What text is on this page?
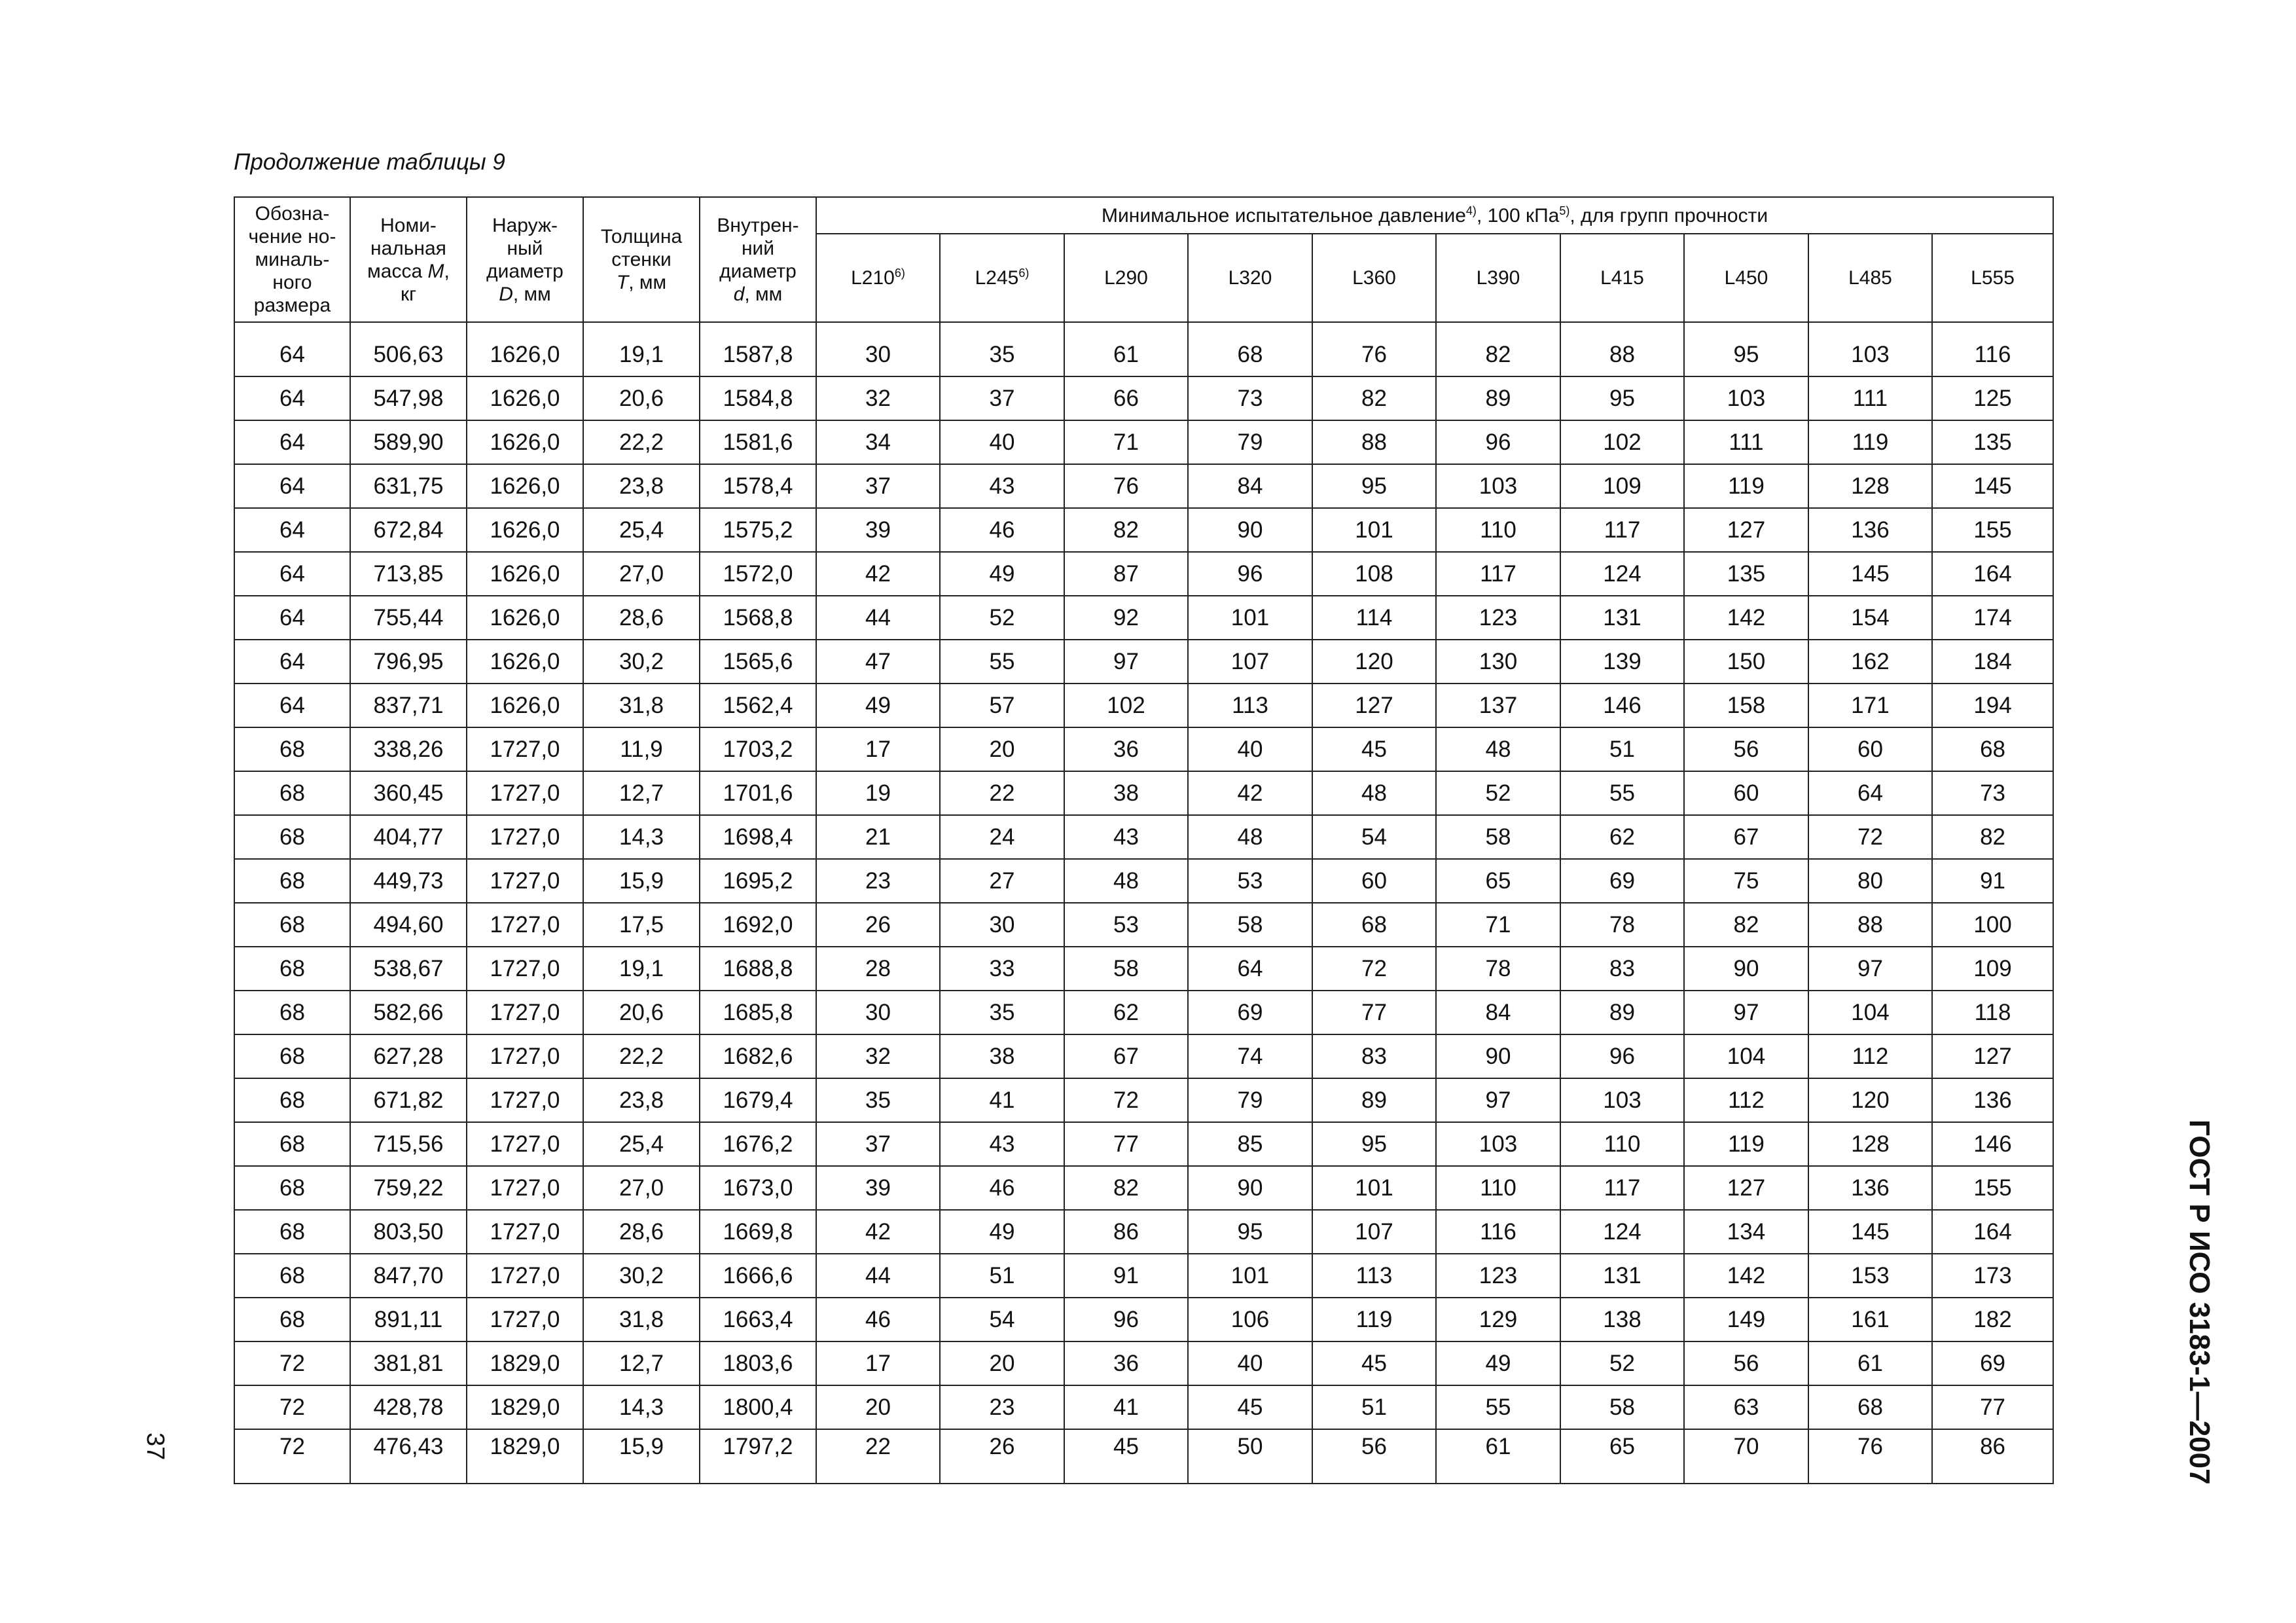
Продолжение таблицы 9

Обозна-
чение но-
миналь-
ного
размера	Номи-
нальная
масса M,
кг	Наруж-
ный
диаметр
D, мм	Толщина
стенки
T, мм	Внутрен-
ний
диаметр
d, мм	Минимальное испытательное давление$^{4)}$, 100 кПа$^{5)}$, для групп прочности									
					L210$^{6)}$	L245$^{6)}$	L290	L320	L360	L390	L415	L450	L485	L555

64	506,63	1626,0	19,1	1587,8	30	35	61	68	76	82	88	95	103	116
64	547,98	1626,0	20,6	1584,8	32	37	66	73	82	89	95	103	111	125
64	589,90	1626,0	22,2	1581,6	34	40	71	79	88	96	102	111	119	135
64	631,75	1626,0	23,8	1578,4	37	43	76	84	95	103	109	119	128	145
64	672,84	1626,0	25,4	1575,2	39	46	82	90	101	110	117	127	136	155
64	713,85	1626,0	27,0	1572,0	42	49	87	96	108	117	124	135	145	164
64	755,44	1626,0	28,6	1568,8	44	52	92	101	114	123	131	142	154	174
64	796,95	1626,0	30,2	1565,6	47	55	97	107	120	130	139	150	162	184
64	837,71	1626,0	31,8	1562,4	49	57	102	113	127	137	146	158	171	194
68	338,26	1727,0	11,9	1703,2	17	20	36	40	45	48	51	56	60	68
68	360,45	1727,0	12,7	1701,6	19	22	38	42	48	52	55	60	64	73
68	404,77	1727,0	14,3	1698,4	21	24	43	48	54	58	62	67	72	82
68	449,73	1727,0	15,9	1695,2	23	27	48	53	60	65	69	75	80	91
68	494,60	1727,0	17,5	1692,0	26	30	53	58	68	71	78	82	88	100
68	538,67	1727,0	19,1	1688,8	28	33	58	64	72	78	83	90	97	109
68	582,66	1727,0	20,6	1685,8	30	35	62	69	77	84	89	97	104	118
68	627,28	1727,0	22,2	1682,6	32	38	67	74	83	90	96	104	112	127
68	671,82	1727,0	23,8	1679,4	35	41	72	79	89	97	103	112	120	136
68	715,56	1727,0	25,4	1676,2	37	43	77	85	95	103	110	119	128	146
68	759,22	1727,0	27,0	1673,0	39	46	82	90	101	110	117	127	136	155
68	803,50	1727,0	28,6	1669,8	42	49	86	95	107	116	124	134	145	164
68	847,70	1727,0	30,2	1666,6	44	51	91	101	113	123	131	142	153	173
68	891,11	1727,0	31,8	1663,4	46	54	96	106	119	129	138	149	161	182
72	381,81	1829,0	12,7	1803,6	17	20	36	40	45	49	52	56	61	69
72	428,78	1829,0	14,3	1800,4	20	23	41	45	51	55	58	63	68	77
72	476,43	1829,0	15,9	1797,2	22	26	45	50	56	61	65	70	76	86	ГОСТ Р ИСО 3183-1—2007

37
